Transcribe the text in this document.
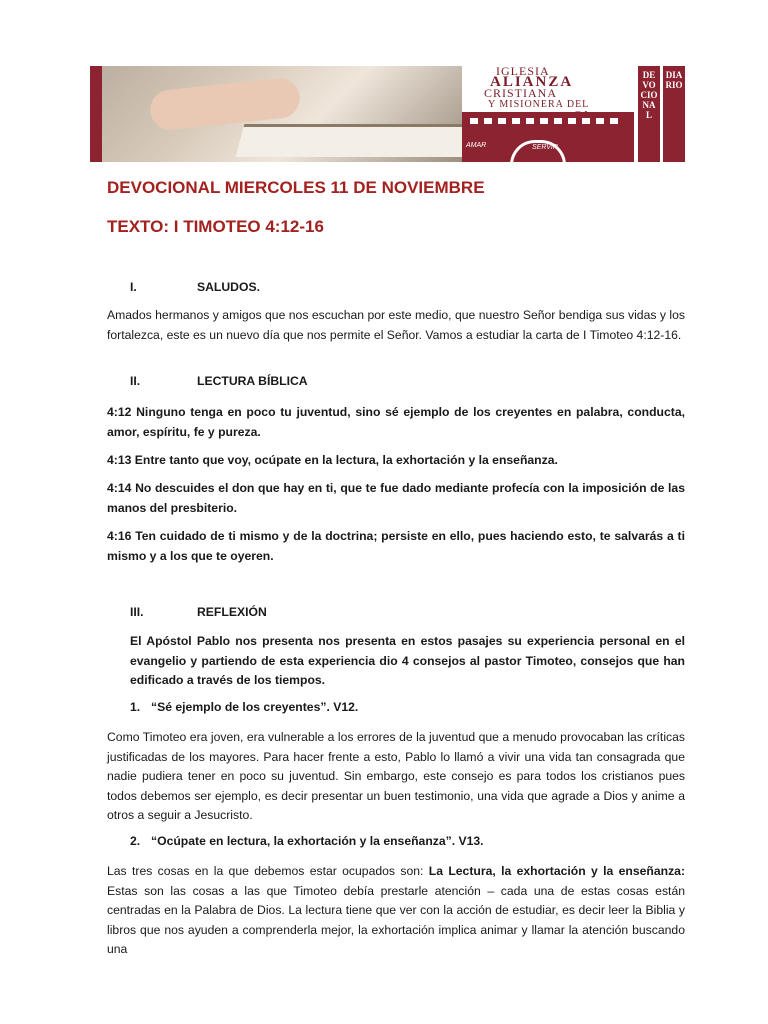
IGLESIA
ALIANZA
CRISTIANA
Y MISIONERA DEL
AMAR	SERVIR
DEVOCIONAL
DIARIO
DEVOCIONAL MIERCOLES 11 DE NOVIEMBRE
TEXTO: I TIMOTEO 4:12-16
I.	SALUDOS.
Amados hermanos y amigos que nos escuchan por este medio, que nuestro Señor bendiga sus vidas y los fortalezca, este es un nuevo día que nos permite el Señor. Vamos a estudiar la carta de I Timoteo 4:12-16.
II.	LECTURA BÍBLICA
4:12 Ninguno tenga en poco tu juventud, sino sé ejemplo de los creyentes en palabra, conducta, amor, espíritu, fe y pureza.
4:13 Entre tanto que voy, ocúpate en la lectura, la exhortación y la enseñanza.
4:14 No descuides el don que hay en ti, que te fue dado mediante profecía con la imposición de las manos del presbiterio.
4:16 Ten cuidado de ti mismo y de la doctrina; persiste en ello, pues haciendo esto, te salvarás a ti mismo y a los que te oyeren.
III.	REFLEXIÓN
El Apóstol Pablo nos presenta nos presenta en estos pasajes su experiencia personal en el evangelio y partiendo de esta experiencia dio 4 consejos al pastor Timoteo, consejos que han edificado a través de los tiempos.
1. “Sé ejemplo de los creyentes”. V12.
Como Timoteo era joven, era vulnerable a los errores de la juventud que a menudo provocaban las críticas justificadas de los mayores. Para hacer frente a esto, Pablo lo llamó a vivir una vida tan consagrada que nadie pudiera tener en poco su juventud. Sin embargo, este consejo es para todos los cristianos pues todos debemos ser ejemplo, es decir presentar un buen testimonio, una vida que agrade a Dios y anime a otros a seguir a Jesucristo.
2. “Ocúpate en lectura, la exhortación y la enseñanza”. V13.
Las tres cosas en la que debemos estar ocupados son: La Lectura, la exhortación y la enseñanza: Estas son las cosas a las que Timoteo debía prestarle atención – cada una de estas cosas están centradas en la Palabra de Dios. La lectura tiene que ver con la acción de estudiar, es decir leer la Biblia y libros que nos ayuden a comprenderla mejor, la exhortación implica animar y llamar la atención buscando una
